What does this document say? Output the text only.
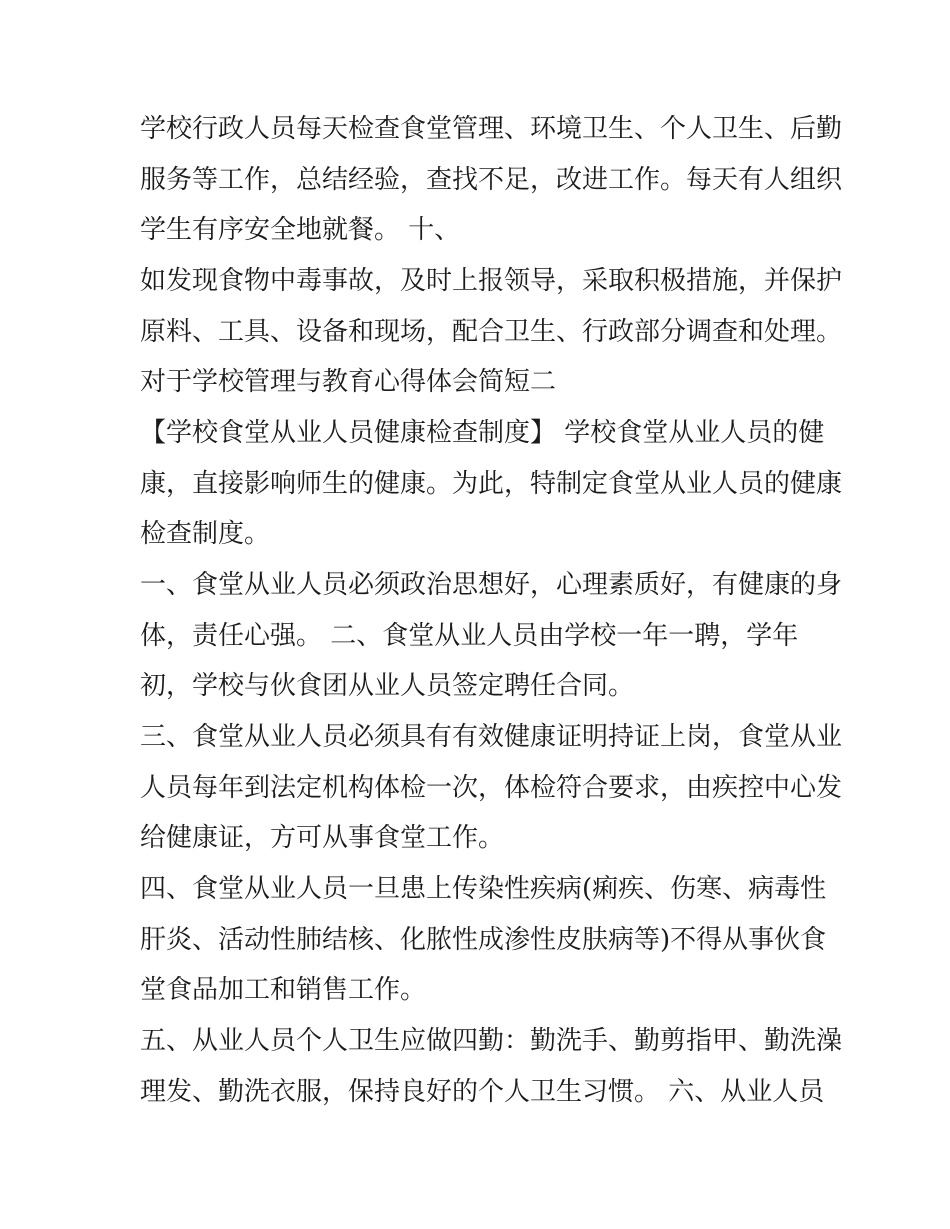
学校行政人员每天检查食堂管理、环境卫生、个人卫生、后勤

服务等工作，总结经验，查找不足，改进工作。每天有人组织

学生有序安全地就餐。 十、

如发现食物中毒事故，及时上报领导，采取积极措施，并保护

原料、工具、设备和现场，配合卫生、行政部分调查和处理。

对于学校管理与教育心得体会简短二

【学校食堂从业人员健康检查制度】 学校食堂从业人员的健

康，直接影响师生的健康。为此，特制定食堂从业人员的健康

检查制度。

一、食堂从业人员必须政治思想好，心理素质好，有健康的身

体，责任心强。 二、食堂从业人员由学校一年一聘，学年

初，学校与伙食团从业人员签定聘任合同。

三、食堂从业人员必须具有有效健康证明持证上岗，食堂从业

人员每年到法定机构体检一次，体检符合要求，由疾控中心发

给健康证，方可从事食堂工作。

四、食堂从业人员一旦患上传染性疾病(痢疾、伤寒、病毒性

肝炎、活动性肺结核、化脓性成渗性皮肤病等)不得从事伙食

堂食品加工和销售工作。

五、从业人员个人卫生应做四勤：勤洗手、勤剪指甲、勤洗澡

理发、勤洗衣服，保持良好的个人卫生习惯。 六、从业人员
